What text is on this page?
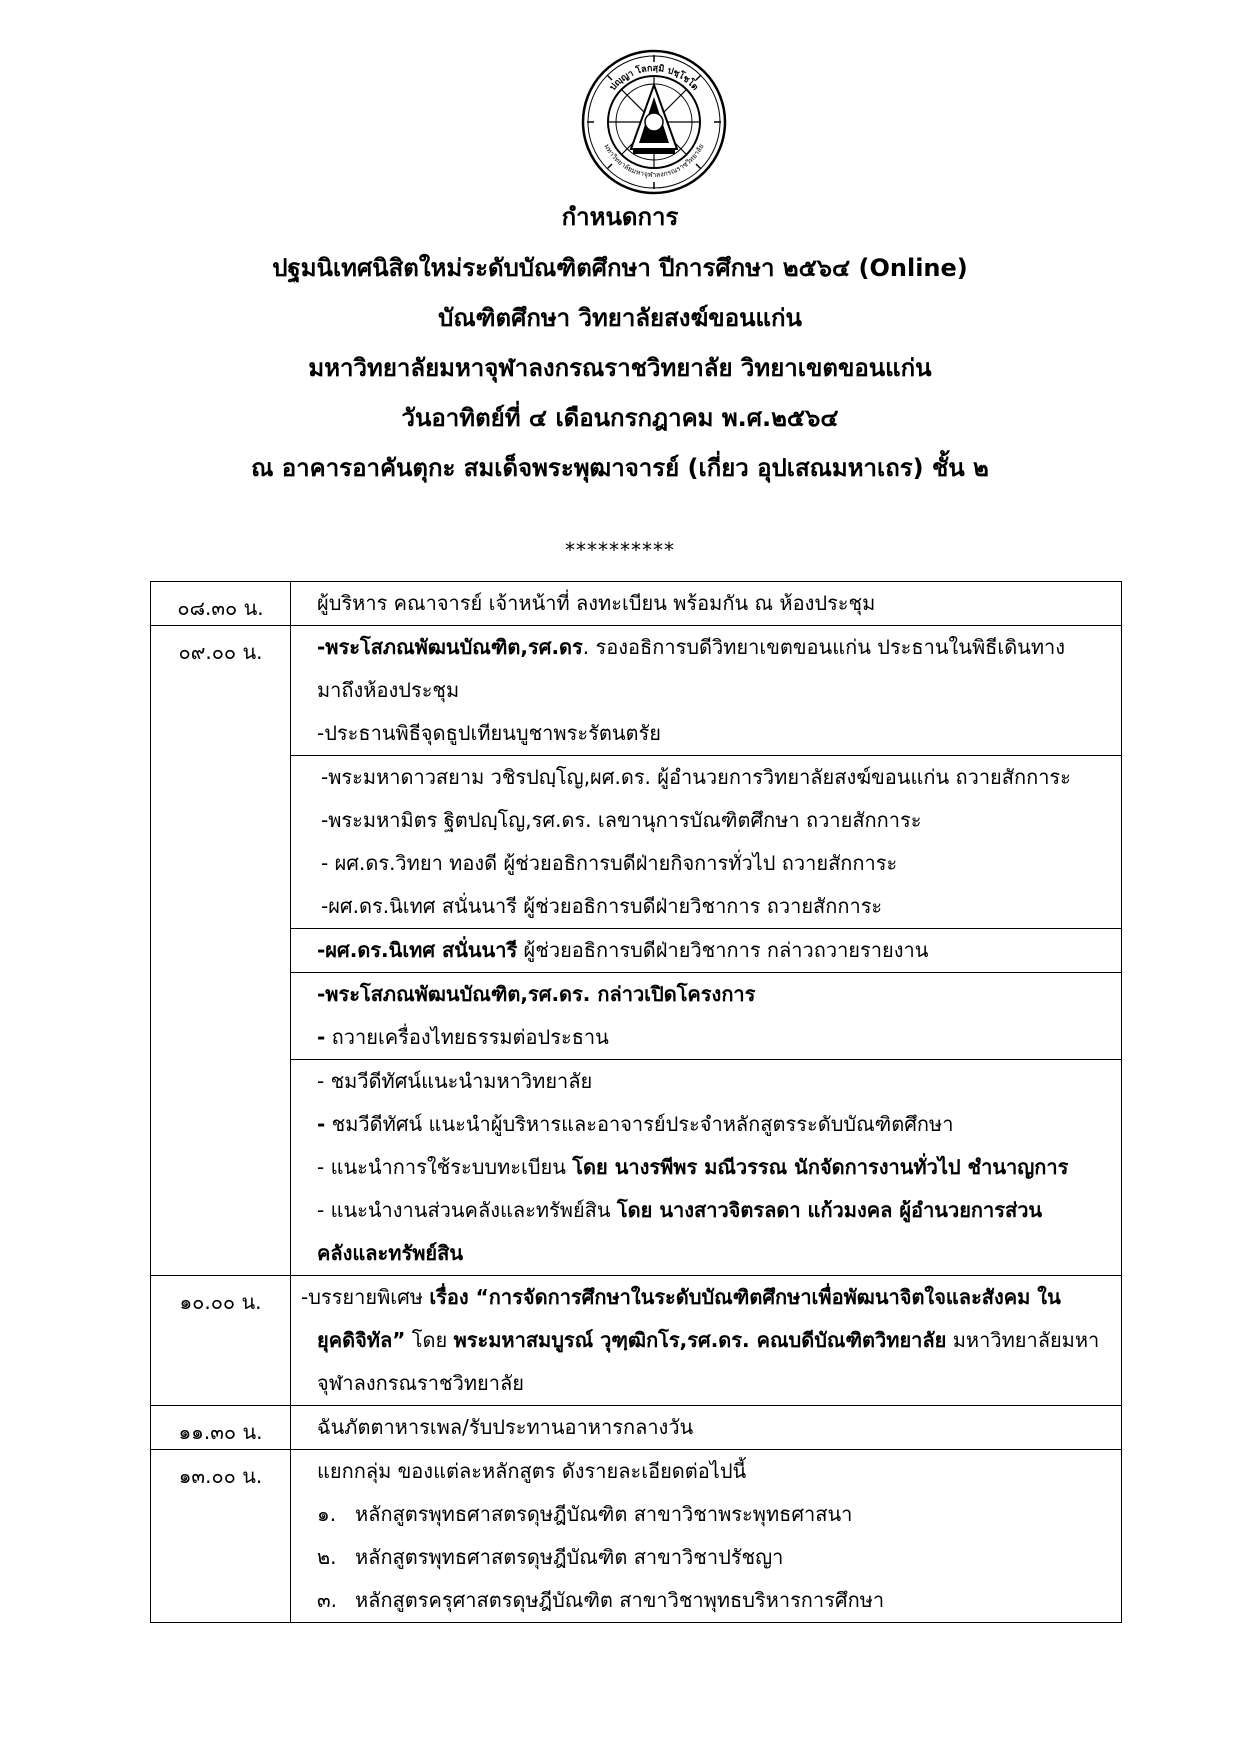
ปญฺญา โลกสฺมิ ปชฺโชโต
มหาวิทยาลัยมหาจุฬาลงกรณราชวิทยาลัย
กำหนดการ
ปฐมนิเทศนิสิตใหม่ระดับบัณฑิตศึกษา ปีการศึกษา ๒๕๖๔ (Online)
บัณฑิตศึกษา วิทยาลัยสงฆ์ขอนแก่น
มหาวิทยาลัยมหาจุฬาลงกรณราชวิทยาลัย วิทยาเขตขอนแก่น
วันอาทิตย์ที่ ๔ เดือนกรกฎาคม พ.ศ.๒๕๖๔
ณ อาคารอาคันตุกะ สมเด็จพระพุฒาจารย์ (เกี่ยว อุปเสณมหาเถร) ชั้น ๒
**********
๐๘.๓๐ น.	ผู้บริหาร คณาจารย์ เจ้าหน้าที่ ลงทะเบียน พร้อมกัน ณ ห้องประชุม

๐๙.๐๐ น.	-พระโสภณพัฒนบัณฑิต,รศ.ดร. รองอธิการบดีวิทยาเขตขอนแก่น ประธานในพิธีเดินทาง
มาถึงห้องประชุม
-ประธานพิธีจุดธูปเทียนบูชาพระรัตนตรัย

	-พระมหาดาวสยาม วชิรปญฺโญ,ผศ.ดร. ผู้อำนวยการวิทยาลัยสงฆ์ขอนแก่น ถวายสักการะ
-พระมหามิตร ฐิตปญฺโญ,รศ.ดร. เลขานุการบัณฑิตศึกษา ถวายสักการะ
- ผศ.ดร.วิทยา ทองดี ผู้ช่วยอธิการบดีฝ่ายกิจการทั่วไป ถวายสักการะ
-ผศ.ดร.นิเทศ สนั่นนารี ผู้ช่วยอธิการบดีฝ่ายวิชาการ ถวายสักการะ

	-ผศ.ดร.นิเทศ สนั่นนารี ผู้ช่วยอธิการบดีฝ่ายวิชาการ กล่าวถวายรายงาน

	-พระโสภณพัฒนบัณฑิต,รศ.ดร. กล่าวเปิดโครงการ
- ถวายเครื่องไทยธรรมต่อประธาน

	- ชมวีดีทัศน์แนะนำมหาวิทยาลัย
- ชมวีดีทัศน์ แนะนำผู้บริหารและอาจารย์ประจำหลักสูตรระดับบัณฑิตศึกษา
- แนะนำการใช้ระบบทะเบียน โดย นางรพีพร มณีวรรณ นักจัดการงานทั่วไป ชำนาญการ
- แนะนำงานส่วนคลังและทรัพย์สิน โดย นางสาวจิตรลดา แก้วมงคล ผู้อำนวยการส่วน
คลังและทรัพย์สิน

๑๐.๐๐ น.	-บรรยายพิเศษ เรื่อง “การจัดการศึกษาในระดับบัณฑิตศึกษาเพื่อพัฒนาจิตใจและสังคม ใน
ยุคดิจิทัล” โดย พระมหาสมบูรณ์ วุฑฺฒิกโร,รศ.ดร. คณบดีบัณฑิตวิทยาลัย มหาวิทยาลัยมหา
จุฬาลงกรณราชวิทยาลัย

๑๑.๓๐ น.	ฉันภัตตาหารเพล/รับประทานอาหารกลางวัน

๑๓.๐๐ น.	แยกกลุ่ม ของแต่ละหลักสูตร ดังรายละเอียดต่อไปนี้
๑. หลักสูตรพุทธศาสตรดุษฎีบัณฑิต สาขาวิชาพระพุทธศาสนา
๒. หลักสูตรพุทธศาสตรดุษฎีบัณฑิต สาขาวิชาปรัชญา
๓. หลักสูตรครุศาสตรดุษฎีบัณฑิต สาขาวิชาพุทธบริหารการศึกษา
